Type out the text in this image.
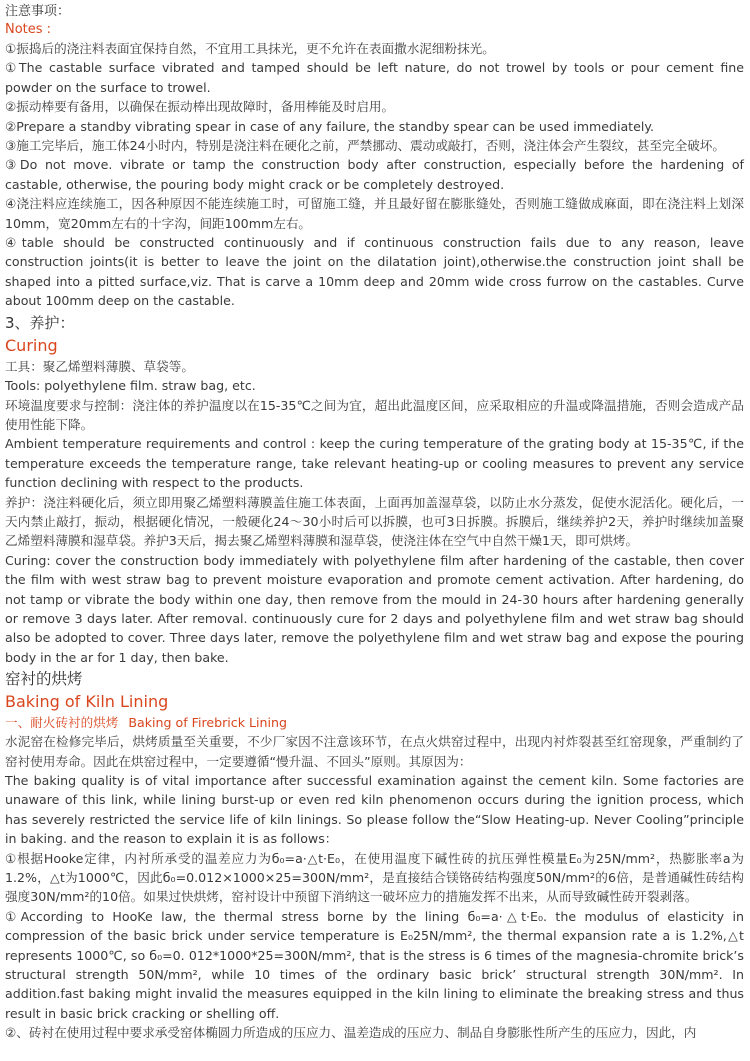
注意事项：

Notes :

①振捣后的浇注料表面宜保持自然，不宜用工具抹光，更不允许在表面撒水泥细粉抹光。

①The castable surface vibrated and tamped should be left nature, do not trowel by tools or pour cement fine powder on the surface to trowel.

②振动棒要有备用，以确保在振动棒出现故障时，备用棒能及时启用。

②Prepare a standby vibrating spear in case of any failure, the standby spear can be used immediately.

③施工完毕后，施工体24小时内，特别是浇注料在硬化之前，严禁挪动、震动或敲打，否则，浇注体会产生裂纹，甚至完全破坏。

③Do not move. vibrate or tamp the construction body after construction, especially before the hardening of castable, otherwise, the pouring body might crack or be completely destroyed.

④浇注料应连续施工，因各种原因不能连续施工时，可留施工缝，并且最好留在膨胀缝处，否则施工缝做成麻面，即在浇注料上划深10mm，宽20mm左右的十字沟，间距100mm左右。

④table should be constructed continuously and if continuous construction fails due to any reason, leave construction joints(it is better to leave the joint on the dilatation joint),otherwise.the construction joint shall be shaped into a pitted surface,viz. That is carve a 10mm deep and 20mm wide cross furrow on the castables. Curve about 100mm deep on the castable.

3、养护：

Curing

工具：聚乙烯塑料薄膜、草袋等。

Tools: polyethylene film. straw bag, etc.

环境温度要求与控制：浇注体的养护温度以在15-35℃之间为宜，超出此温度区间，应采取相应的升温或降温措施，否则会造成产品使用性能下降。

Ambient temperature requirements and control : keep the curing temperature of the grating body at 15-35℃, if the temperature exceeds the temperature range, take relevant heating-up or cooling measures to prevent any service function declining with respect to the products.

养护：浇注料硬化后，须立即用聚乙烯塑料薄膜盖住施工体表面，上面再加盖湿草袋，以防止水分蒸发，促使水泥活化。硬化后，一天内禁止敲打，振动，根据硬化情况，一般硬化24～30小时后可以拆膜，也可3日拆膜。拆膜后，继续养护2天，养护时继续加盖聚乙烯塑料薄膜和湿草袋。养护3天后，揭去聚乙烯塑料薄膜和湿草袋，使浇注体在空气中自然干燥1天，即可烘烤。

Curing: cover the construction body immediately with polyethylene film after hardening of the castable, then cover the film with west straw bag to prevent moisture evaporation and promote cement activation. After hardening, do not tamp or vibrate the body within one day, then remove from the mould in 24-30 hours after hardening generally or remove 3 days later. After removal. continuously cure for 2 days and polyethylene film and wet straw bag should also be adopted to cover. Three days later, remove the polyethylene film and wet straw bag and expose the pouring body in the ar for 1 day, then bake.

窑衬的烘烤

Baking of Kiln Lining

一、耐火砖衬的烘烤 Baking of Firebrick Lining

水泥窑在检修完毕后，烘烤质量至关重要，不少厂家因不注意该环节，在点火烘窑过程中，出现内衬炸裂甚至红窑现象，严重制约了窑衬使用寿命。因此在烘窑过程中，一定要遵循“慢升温、不回头”原则。其原因为：

The baking quality is of vital importance after successful examination against the cement kiln. Some factories are unaware of this link, while lining burst-up or even red kiln phenomenon occurs during the ignition process, which has severely restricted the service life of kiln linings. So please follow the“Slow Heating-up. Never Cooling”principle in baking. and the reason to explain it is as follows：

①根据Hooke定律，内衬所承受的温差应力为б₀=a·△t·E₀，在使用温度下碱性砖的抗压弹性模量E₀为25N/mm²，热膨胀率a为1.2%，△t为1000℃，因此б₀=0.012×1000×25=300N/mm²，是直接结合镁铬砖结构强度50N/mm²的6倍，是普通碱性砖结构强度30N/mm²的10倍。如果过快烘烤，窑衬设计中预留下消纳这一破坏应力的措施发挥不出来，从而导致碱性砖开裂剥落。

①According to HooKe law, the thermal stress borne by the lining б₀=a·△t·E₀. the modulus of elasticity in compression of the basic brick under service temperature is E₀25N/mm², the thermal expansion rate a is 1.2%,△t represents 1000℃, so б₀=0. 012*1000*25=300N/mm², that is the stress is 6 times of the magnesia-chromite brick’s structural strength 50N/mm², while 10 times of the ordinary basic brick’ structural strength 30N/mm². In addition.fast baking might invalid the measures equipped in the kiln lining to eliminate the breaking stress and thus result in basic brick cracking or shelling off.

②、砖衬在使用过程中要求承受窑体椭圆力所造成的压应力、温差造成的压应力、制品自身膨胀性所产生的压应力，因此，内
